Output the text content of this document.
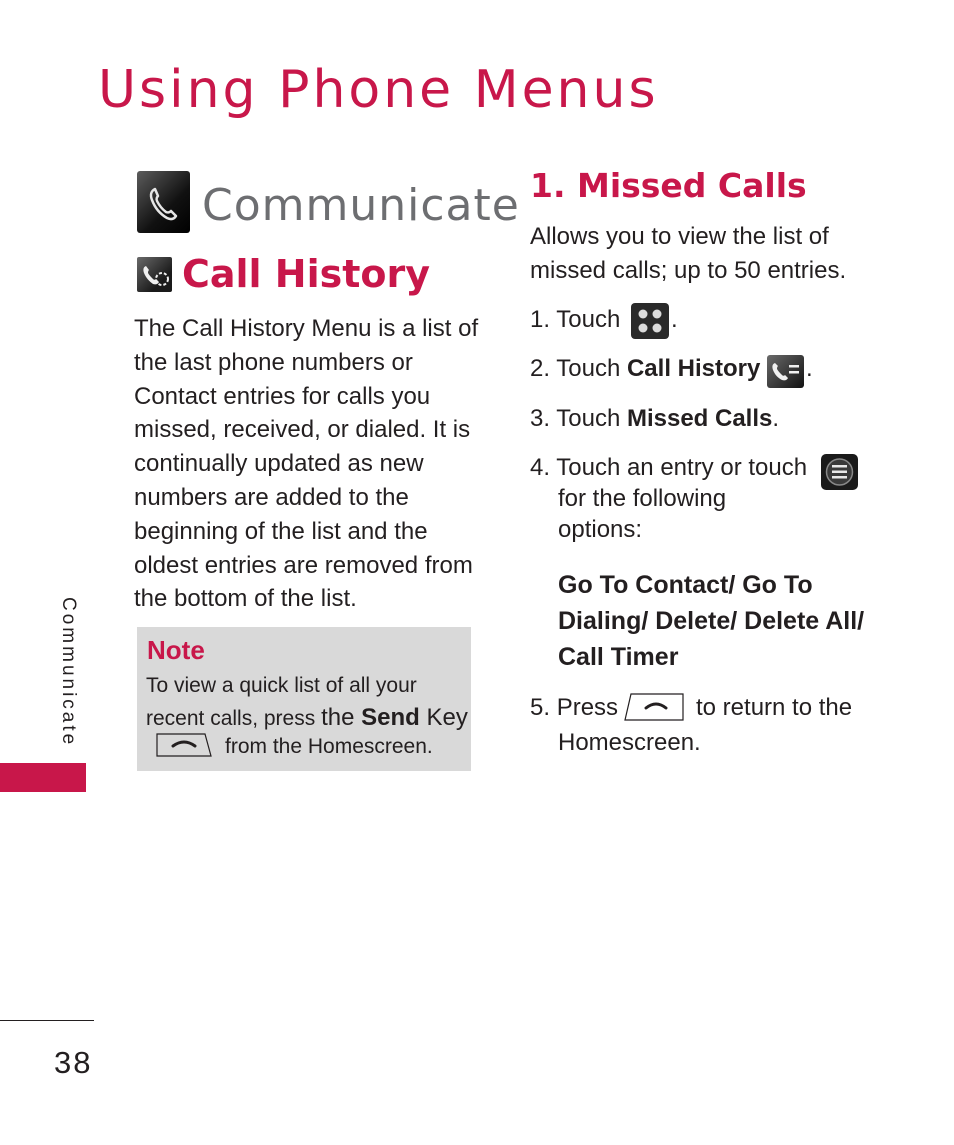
Using Phone Menus
Communicate
Call History
The Call History Menu is a list of
the last phone numbers or
Contact entries for calls you
missed, received, or dialed. It is
continually updated as new
numbers are added to the
beginning of the list and the
oldest entries are removed from
the bottom of the list.
Note
To view a quick list of all your
recent calls, press the Send Key
from the Homescreen.
Communicate
38
1. Missed Calls
Allows you to view the list of
missed calls; up to 50 entries.
1. Touch .
2. Touch Call History .
3. Touch Missed Calls.
4. Touch an entry or touch
for the following
options:
Go To Contact/ Go To
Dialing/ Delete/ Delete All/
Call Timer
5. Press	to return to the
Homescreen.
